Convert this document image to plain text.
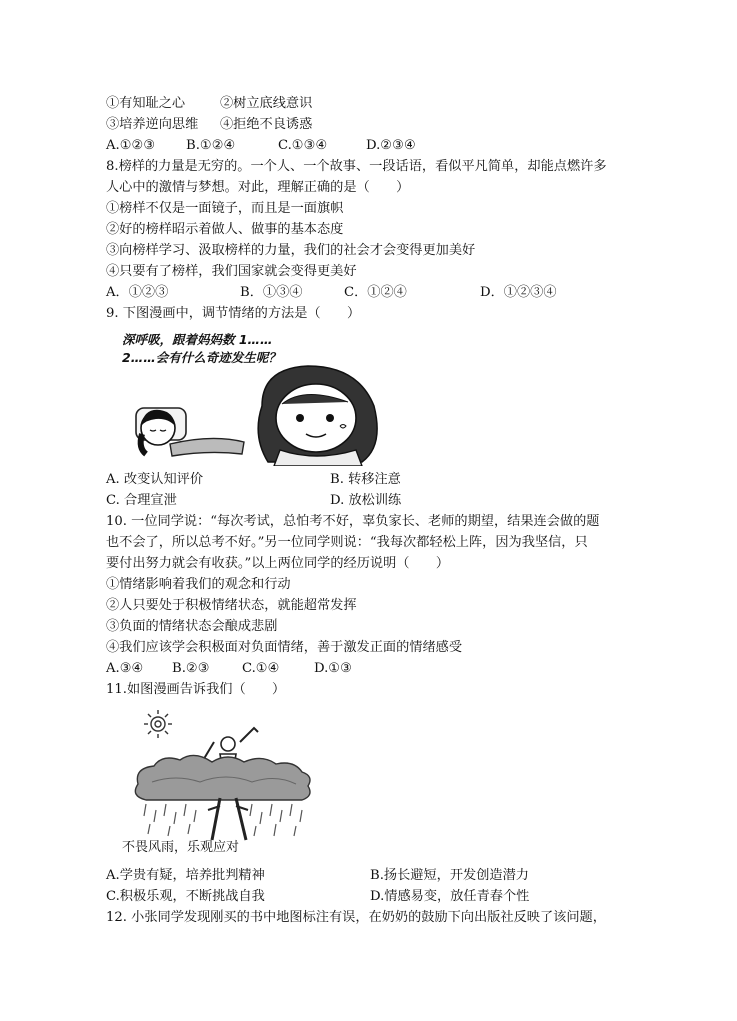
①有知耻之心	②树立底线意识
③培养逆向思维 ④拒绝不良诱惑
A.①②③ B.①②④	C.①③④	D.②③④
8.榜样的力量是无穷的。一个人、一个故事、一段话语，看似平凡简单，却能点燃许多
人心中的激情与梦想。对此，理解正确的是（　　）
①榜样不仅是一面镜子，而且是一面旗帜
②好的榜样昭示着做人、做事的基本态度
③向榜样学习、汲取榜样的力量，我们的社会才会变得更加美好
④只要有了榜样，我们国家就会变得更美好
A．①②③	B．①③④	C．①②④	D．①②③④
9. 下图漫画中，调节情绪的方法是（　　）
深呼吸，跟着妈妈数 1……
2……会有什么奇迹发生呢？
A. 改变认知评价	B. 转移注意
C. 合理宣泄	D. 放松训练
10. 一位同学说：“每次考试，总怕考不好，辜负家长、老师的期望，结果连会做的题
也不会了，所以总考不好。”另一位同学则说：“我每次都轻松上阵，因为我坚信，只
要付出努力就会有收获。”以上两位同学的经历说明（　　）
①情绪影响着我们的观念和行动
②人只要处于积极情绪状态，就能超常发挥
③负面的情绪状态会酿成悲剧
④我们应该学会积极面对负面情绪，善于激发正面的情绪感受
A.③④ B.②③ C.①④	D.①③
11.如图漫画告诉我们（　　）
不畏风雨，乐观应对
A.学贵有疑，培养批判精神	B.扬长避短，开发创造潜力
C.积极乐观，不断挑战自我	D.情感易变，放任青春个性
12. 小张同学发现刚买的书中地图标注有误，在奶奶的鼓励下向出版社反映了该问题，
